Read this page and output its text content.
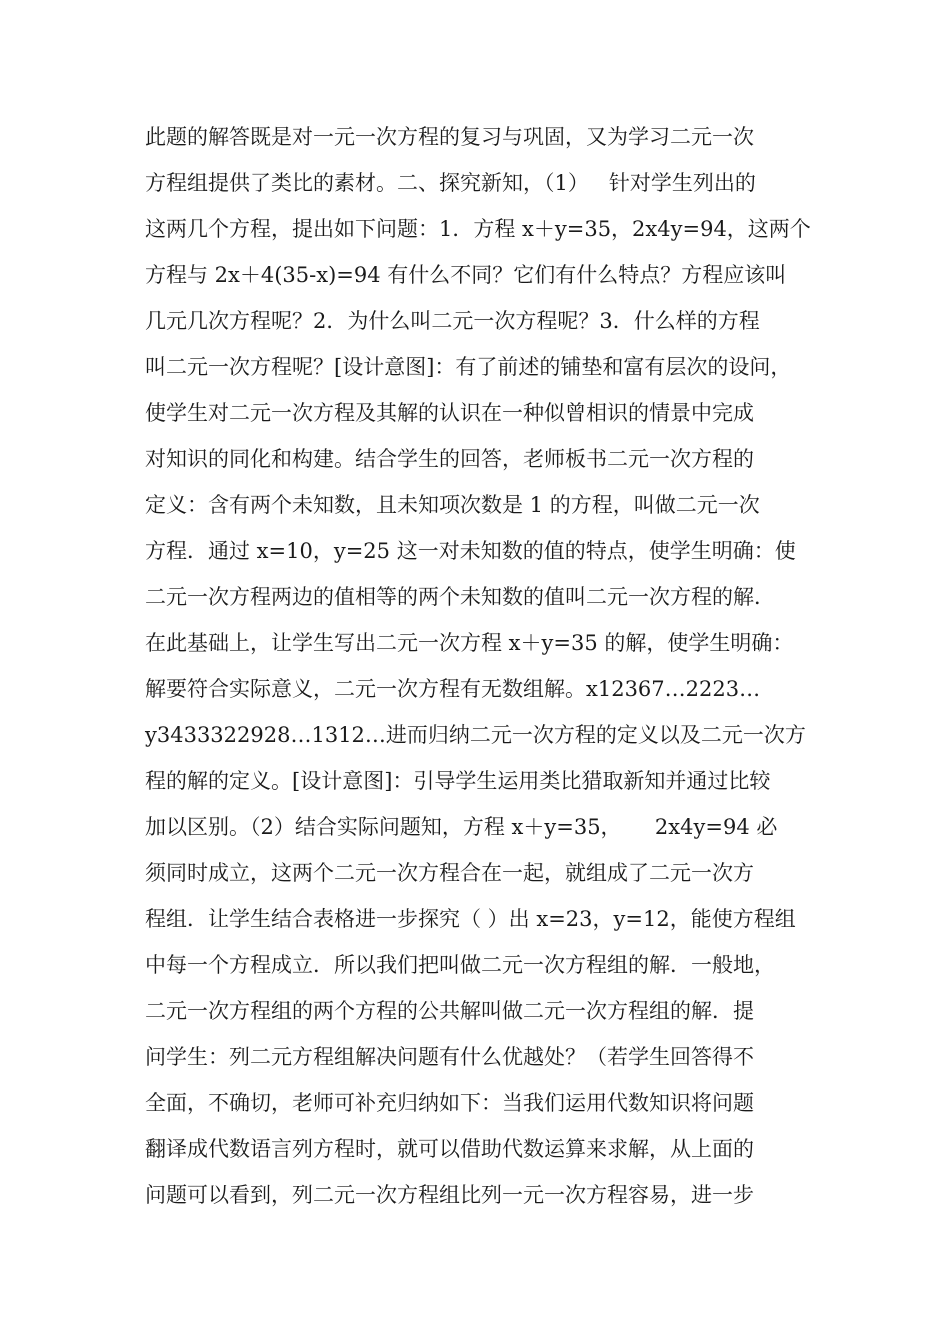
此题的解答既是对一元一次方程的复习与巩固，又为学习二元一次
方程组提供了类比的素材。二、探究新知，（1）   针对学生列出的
这两几个方程，提出如下问题：1．方程 x＋y=35，2x4y=94，这两个
方程与 2x＋4(35-x)=94 有什么不同？它们有什么特点？方程应该叫
几元几次方程呢？2．为什么叫二元一次方程呢？3．什么样的方程
叫二元一次方程呢？[设计意图]：有了前述的铺垫和富有层次的设问，
使学生对二元一次方程及其解的认识在一种似曾相识的情景中完成
对知识的同化和构建。结合学生的回答，老师板书二元一次方程的
定义：含有两个未知数，且未知项次数是 1 的方程，叫做二元一次
方程．通过 x=10，y=25 这一对未知数的值的特点，使学生明确：使
二元一次方程两边的值相等的两个未知数的值叫二元一次方程的解．
在此基础上，让学生写出二元一次方程 x＋y=35 的解，使学生明确：
解要符合实际意义，二元一次方程有无数组解。x12367…2223…
y3433322928…1312…进而归纳二元一次方程的定义以及二元一次方
程的解的定义。[设计意图]：引导学生运用类比猎取新知并通过比较
加以区别。（2）结合实际问题知，方程 x＋y=35，     2x4y=94 必
须同时成立，这两个二元一次方程合在一起，就组成了二元一次方
程组．让学生结合表格进一步探究（ ）出 x=23，y=12，能使方程组
中每一个方程成立．所以我们把叫做二元一次方程组的解．一般地，
二元一次方程组的两个方程的公共解叫做二元一次方程组的解．提
问学生：列二元方程组解决问题有什么优越处？（若学生回答得不
全面，不确切，老师可补充归纳如下：当我们运用代数知识将问题
翻译成代数语言列方程时，就可以借助代数运算来求解，从上面的
问题可以看到，列二元一次方程组比列一元一次方程容易，进一步
